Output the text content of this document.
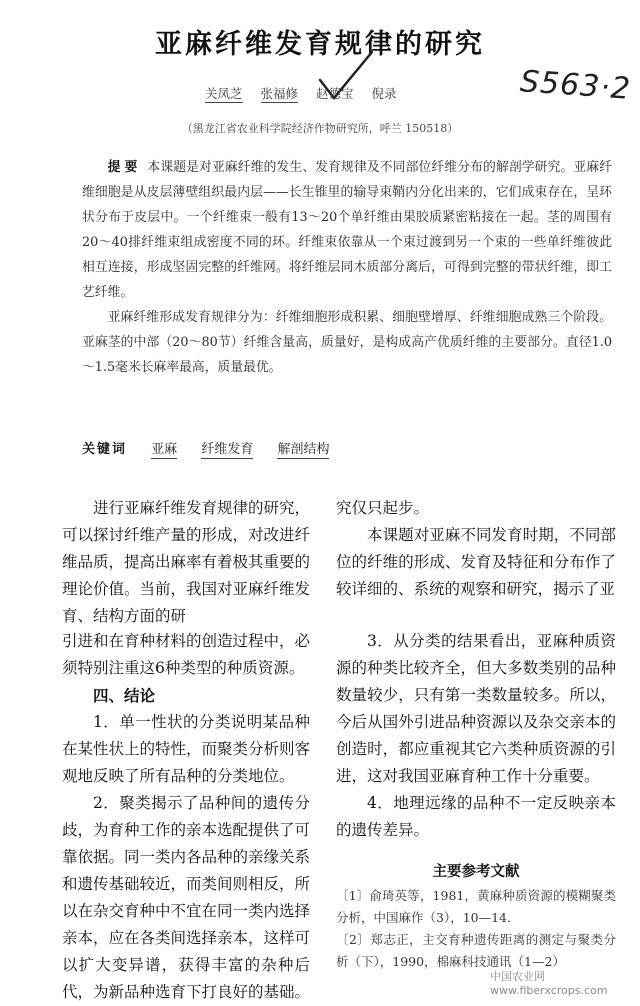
亚麻纤维发育规律的研究
关凤芝 张福修 赵德宝 倪录	S563·2
（黑龙江省农业科学院经济作物研究所，呼兰 150518）

提要 本课题是对亚麻纤维的发生、发育规律及不同部位纤维分布的解剖学研究。亚麻纤维细胞是从皮层薄壁组织最内层——长生锥里的输导束鞘内分化出来的，它们成束存在，呈环状分布于皮层中。一个纤维束一般有13～20个单纤维由果胶质紧密粘接在一起。茎的周围有20～40排纤维束组成密度不同的环。纤维束依靠从一个束过渡到另一个束的一些单纤维彼此相互连接，形成坚固完整的纤维网。将纤维层同木质部分离后，可得到完整的带状纤维，即工艺纤维。

亚麻纤维形成发育规律分为：纤维细胞形成积累、细胞壁增厚、纤维细胞成熟三个阶段。亚麻茎的中部（20～80节）纤维含量高，质量好，是构成高产优质纤维的主要部分。直径1.0～1.5毫米长麻率最高，质量最优。

关键词 亚麻 纤维发育 解剖结构

进行亚麻纤维发育规律的研究，可以探讨纤维产量的形成，对改进纤维品质，提高出麻率有着极其重要的理论价值。当前，我国对亚麻纤维发育、结构方面的研

究仅只起步。

本课题对亚麻不同发育时期，不同部位的纤维的形成、发育及特征和分布作了较详细的、系统的观察和研究，揭示了亚

引进和在育种材料的创造过程中，必须特别注重这6种类型的种质资源。

四、结论

1．单一性状的分类说明某品种在某性状上的特性，而聚类分析则客观地反映了所有品种的分类地位。

2．聚类揭示了品种间的遗传分歧，为育种工作的亲本选配提供了可靠依据。同一类内各品种的亲缘关系和遗传基础较近，而类间则相反，所以在杂交育种中不宜在同一类内选择亲本，应在各类间选择亲本，这样可以扩大变异谱，获得丰富的杂种后代，为新品种选育下打良好的基础。

3．从分类的结果看出，亚麻种质资源的种类比较齐全，但大多数类别的品种数量较少，只有第一类数量较多。所以，今后从国外引进品种资源以及杂交亲本的创造时，都应重视其它六类种质资源的引进，这对我国亚麻育种工作十分重要。

4．地理远缘的品种不一定反映亲本的遗传差异。

主要参考文献

〔1〕俞琦英等，1981，黄麻种质资源的模糊聚类分析，中国麻作（3），10—14．

〔2〕郑志正，主交育种遗传距离的测定与聚类分析（下），1990，棉麻科技通讯（1—2）

中国农业网 www.fiberxcrops.com
